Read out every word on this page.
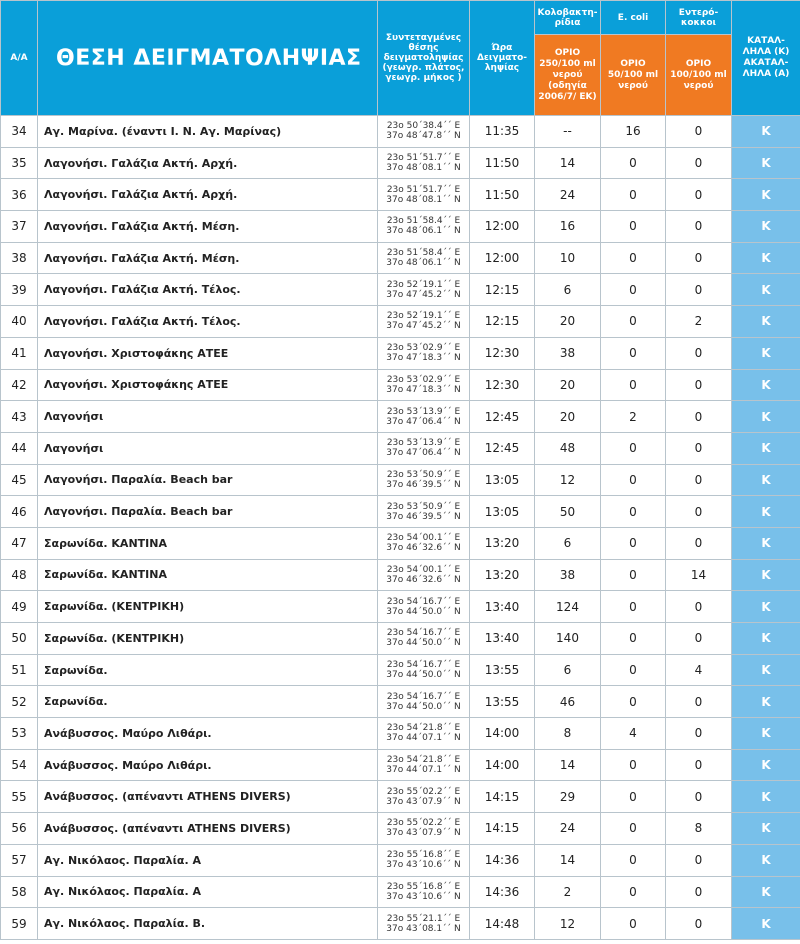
Α/Α	ΘΕΣΗ ΔΕΙΓΜΑΤΟΛΗΨΙΑΣ	Συντεταγμένες θέσης δειγματοληψίας (γεωγρ. πλάτος, γεωγρ. μήκος )	Ώρα Δειγματο-ληψίας	Κολοβακτη-ρίδια	E. coli	Εντερό-κοκκοι	ΚΑΤΑΛ-ΛΗΛΑ (Κ) ΑΚΑΤΑΛ-ΛΗΛΑ (Α)
				ΟΡΙΟ 250/100 ml νερού (οδηγία 2006/7/ ΕΚ)	ΟΡΙΟ 50/100 ml νερού	ΟΡΙΟ 100/100 ml νερού	
34	Αγ. Μαρίνα. (έναντι Ι. Ν. Αγ. Μαρίνας)	23ο 50΄38.4΄΄ Ε
37ο 48΄47.8΄΄ Ν	11:35	--	16	0	Κ
35	Λαγονήσι. Γαλάζια Ακτή. Αρχή.	23ο 51΄51.7΄΄ Ε
37ο 48΄08.1΄΄ Ν	11:50	14	0	0	Κ
36	Λαγονήσι. Γαλάζια Ακτή. Αρχή.	23ο 51΄51.7΄΄ Ε
37ο 48΄08.1΄΄ Ν	11:50	24	0	0	Κ
37	Λαγονήσι. Γαλάζια Ακτή. Μέση.	23ο 51΄58.4΄΄ Ε
37ο 48΄06.1΄΄ Ν	12:00	16	0	0	Κ
38	Λαγονήσι. Γαλάζια Ακτή. Μέση.	23ο 51΄58.4΄΄ Ε
37ο 48΄06.1΄΄ Ν	12:00	10	0	0	Κ
39	Λαγονήσι. Γαλάζια Ακτή. Τέλος.	23ο 52΄19.1΄΄ Ε
37ο 47΄45.2΄΄ Ν	12:15	6	0	0	Κ
40	Λαγονήσι. Γαλάζια Ακτή. Τέλος.	23ο 52΄19.1΄΄ Ε
37ο 47΄45.2΄΄ Ν	12:15	20	0	2	Κ
41	Λαγονήσι. Χριστοφάκης ΑΤΕΕ	23ο 53΄02.9΄΄ Ε
37ο 47΄18.3΄΄ Ν	12:30	38	0	0	Κ
42	Λαγονήσι. Χριστοφάκης ΑΤΕΕ	23ο 53΄02.9΄΄ Ε
37ο 47΄18.3΄΄ Ν	12:30	20	0	0	Κ
43	Λαγονήσι	23ο 53΄13.9΄΄ Ε
37ο 47΄06.4΄΄ Ν	12:45	20	2	0	Κ
44	Λαγονήσι	23ο 53΄13.9΄΄ Ε
37ο 47΄06.4΄΄ Ν	12:45	48	0	0	Κ
45	Λαγονήσι. Παραλία. Beach bar	23ο 53΄50.9΄΄ Ε
37ο 46΄39.5΄΄ Ν	13:05	12	0	0	Κ
46	Λαγονήσι. Παραλία. Beach bar	23ο 53΄50.9΄΄ Ε
37ο 46΄39.5΄΄ Ν	13:05	50	0	0	Κ
47	Σαρωνίδα. ΚΑΝΤΙΝΑ	23ο 54΄00.1΄΄ Ε
37ο 46΄32.6΄΄ Ν	13:20	6	0	0	Κ
48	Σαρωνίδα. ΚΑΝΤΙΝΑ	23ο 54΄00.1΄΄ Ε
37ο 46΄32.6΄΄ Ν	13:20	38	0	14	Κ
49	Σαρωνίδα. (ΚΕΝΤΡΙΚΗ)	23ο 54΄16.7΄΄ Ε
37ο 44΄50.0΄΄ Ν	13:40	124	0	0	Κ
50	Σαρωνίδα. (ΚΕΝΤΡΙΚΗ)	23ο 54΄16.7΄΄ Ε
37ο 44΄50.0΄΄ Ν	13:40	140	0	0	Κ
51	Σαρωνίδα.	23ο 54΄16.7΄΄ Ε
37ο 44΄50.0΄΄ Ν	13:55	6	0	4	Κ
52	Σαρωνίδα.	23ο 54΄16.7΄΄ Ε
37ο 44΄50.0΄΄ Ν	13:55	46	0	0	Κ
53	Ανάβυσσος. Μαύρο Λιθάρι.	23ο 54΄21.8΄΄ Ε
37ο 44΄07.1΄΄ Ν	14:00	8	4	0	Κ
54	Ανάβυσσος. Μαύρο Λιθάρι.	23ο 54΄21.8΄΄ Ε
37ο 44΄07.1΄΄ Ν	14:00	14	0	0	Κ
55	Ανάβυσσος. (απέναντι ATHENS DIVERS)	23ο 55΄02.2΄΄ Ε
37ο 43΄07.9΄΄ Ν	14:15	29	0	0	Κ
56	Ανάβυσσος. (απέναντι ATHENS DIVERS)	23ο 55΄02.2΄΄ Ε
37ο 43΄07.9΄΄ Ν	14:15	24	0	8	Κ
57	Αγ. Νικόλαος. Παραλία. Α	23ο 55΄16.8΄΄ Ε
37ο 43΄10.6΄΄ Ν	14:36	14	0	0	Κ
58	Αγ. Νικόλαος. Παραλία. Α	23ο 55΄16.8΄΄ Ε
37ο 43΄10.6΄΄ Ν	14:36	2	0	0	Κ
59	Αγ. Νικόλαος. Παραλία. Β.	23ο 55΄21.1΄΄ Ε
37ο 43΄08.1΄΄ Ν	14:48	12	0	0	Κ
